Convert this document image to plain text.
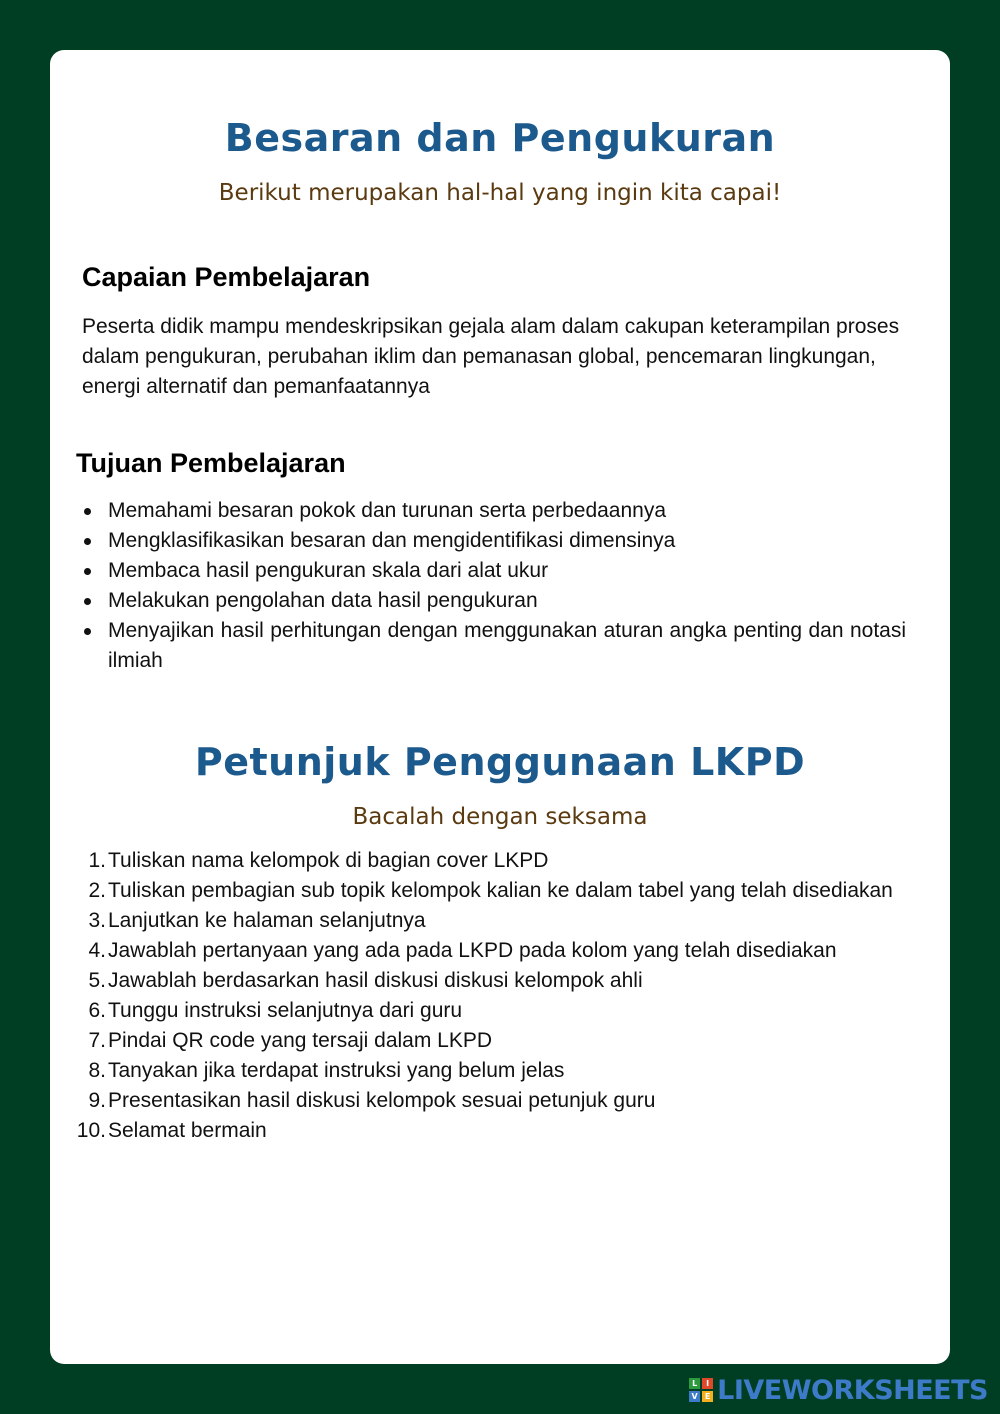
Besaran dan Pengukuran
Berikut merupakan hal-hal yang ingin kita capai!
Capaian Pembelajaran
Peserta didik mampu mendeskripsikan gejala alam dalam cakupan keterampilan proses dalam pengukuran, perubahan iklim dan pemanasan global, pencemaran lingkungan, energi alternatif dan pemanfaatannya
Tujuan Pembelajaran
Memahami besaran pokok dan turunan serta perbedaannya
Mengklasifikasikan besaran dan mengidentifikasi dimensinya
Membaca hasil pengukuran skala dari alat ukur
Melakukan pengolahan data hasil pengukuran
Menyajikan hasil perhitungan dengan menggunakan aturan angka penting dan notasi ilmiah
Petunjuk Penggunaan LKPD
Bacalah dengan seksama
1. Tuliskan nama kelompok di bagian cover LKPD
2. Tuliskan pembagian sub topik kelompok kalian ke dalam tabel yang telah disediakan
3. Lanjutkan ke halaman selanjutnya
4. Jawablah pertanyaan yang ada pada LKPD pada kolom yang telah disediakan
5. Jawablah berdasarkan hasil diskusi diskusi kelompok ahli
6. Tunggu instruksi selanjutnya dari guru
7. Pindai QR code yang tersaji dalam LKPD
8. Tanyakan jika terdapat instruksi yang belum jelas
9. Presentasikan hasil diskusi kelompok sesuai petunjuk guru
10. Selamat bermain
L	I
V E LIVEWORKSHEETS
